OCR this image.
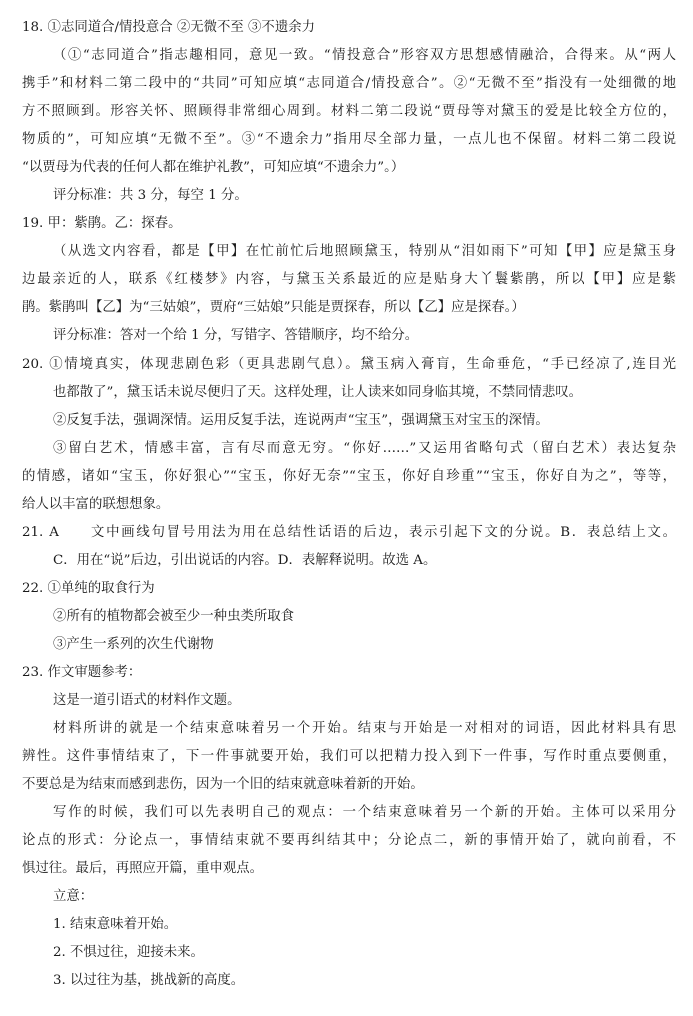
18. ①志同道合/情投意合 ②无微不至 ③不遗余力
（①“志同道合”指志趣相同，意见一致。“情投意合”形容双方思想感情融洽，合得来。从“两人
携手”和材料二第二段中的“共同”可知应填“志同道合/情投意合”。②“无微不至”指没有一处细微的地
方不照顾到。形容关怀、照顾得非常细心周到。材料二第二段说“贾母等对黛玉的爱是比较全方位的，
物质的”，可知应填“无微不至”。③“不遗余力”指用尽全部力量，一点儿也不保留。材料二第二段说
“以贾母为代表的任何人都在维护礼教”，可知应填“不遗余力”。）
评分标准：共 3 分，每空 1 分。
19. 甲：紫鹃。乙：探春。
（从选文内容看，都是【甲】在忙前忙后地照顾黛玉，特别从“泪如雨下”可知【甲】应是黛玉身
边最亲近的人，联系《红楼梦》内容，与黛玉关系最近的应是贴身大丫鬟紫鹃，所以【甲】应是紫
鹃。紫鹃叫【乙】为“三姑娘”，贾府“三姑娘”只能是贾探春，所以【乙】应是探春。）
评分标准：答对一个给 1 分，写错字、答错顺序，均不给分。
20. ①情境真实，体现悲剧色彩（更具悲剧气息）。黛玉病入膏肓，生命垂危，“手已经凉了,连目光
也都散了”，黛玉话未说尽便归了天。这样处理，让人读来如同身临其境，不禁同情悲叹。
②反复手法，强调深情。运用反复手法，连说两声“宝玉”，强调黛玉对宝玉的深情。
③留白艺术，情感丰富，言有尽而意无穷。“你好……”又运用省略句式（留白艺术）表达复杂
的情感，诸如“宝玉，你好狠心”“宝玉，你好无奈”“宝玉，你好自珍重”“宝玉，你好自为之”，等等，
给人以丰富的联想想象。
21. A　　文中画线句冒号用法为用在总结性话语的后边，表示引起下文的分说。B．表总结上文。
C．用在“说”后边，引出说话的内容。D．表解释说明。故选 A。
22. ①单纯的取食行为
②所有的植物都会被至少一种虫类所取食
③产生一系列的次生代谢物
23. 作文审题参考：
这是一道引语式的材料作文题。
材料所讲的就是一个结束意味着另一个开始。结束与开始是一对相对的词语，因此材料具有思
辨性。这件事情结束了，下一件事就要开始，我们可以把精力投入到下一件事，写作时重点要侧重，
不要总是为结束而感到悲伤，因为一个旧的结束就意味着新的开始。
写作的时候，我们可以先表明自己的观点：一个结束意味着另一个新的开始。主体可以采用分
论点的形式：分论点一，事情结束就不要再纠结其中；分论点二，新的事情开始了，就向前看，不
惧过往。最后，再照应开篇，重申观点。
立意：
1. 结束意味着开始。
2. 不惧过往，迎接未来。
3. 以过往为基，挑战新的高度。
